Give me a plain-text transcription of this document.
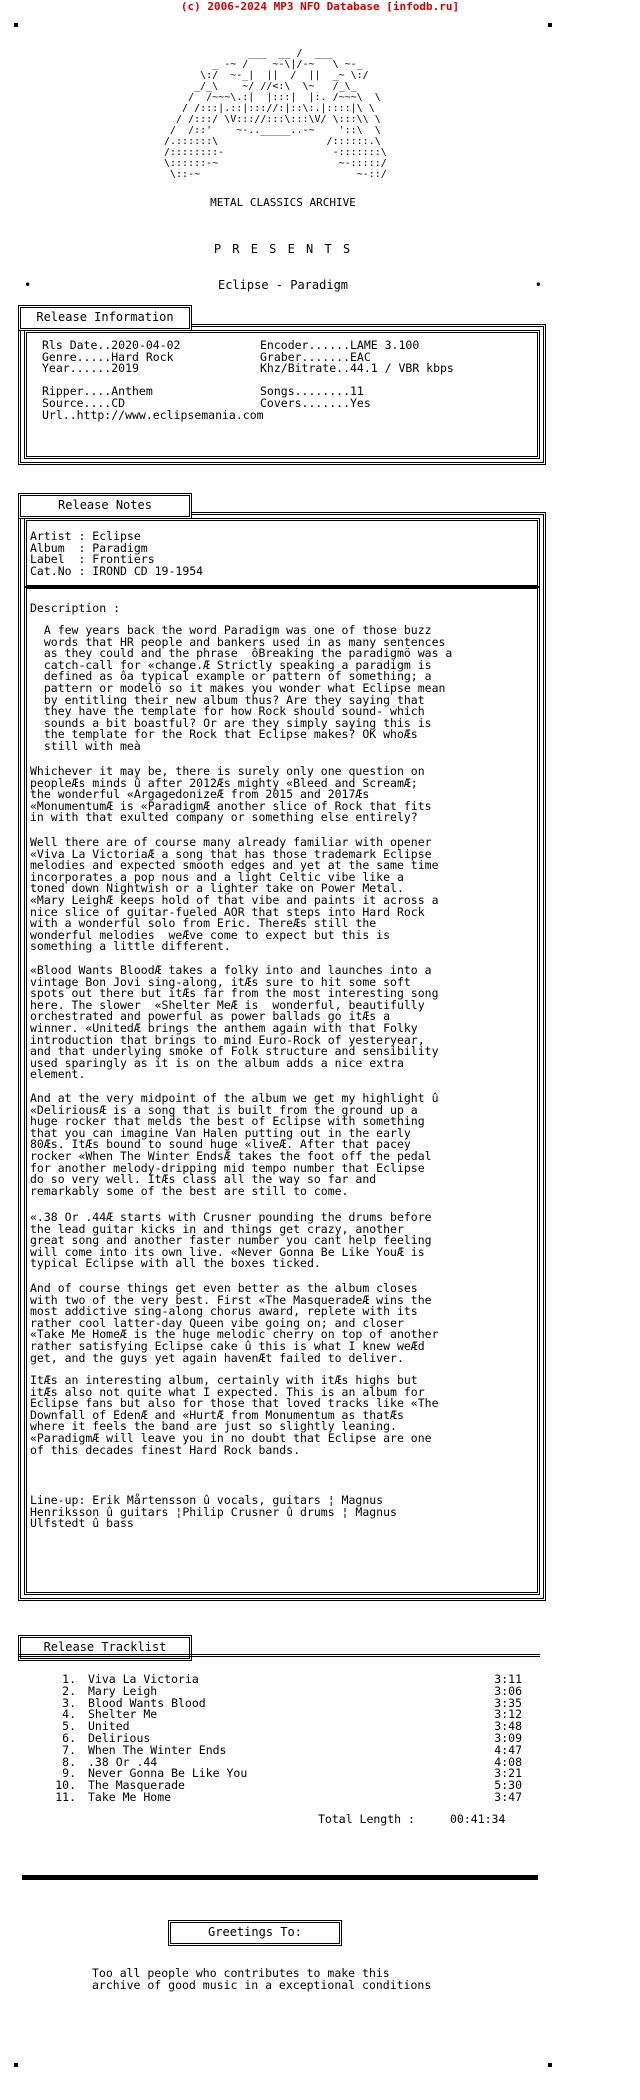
(c) 2006-2024 MP3 NFO Database [infodb.ru]
___  __ /  ___
_ -~ /    ~-\|/-~   \ ~-_
\:/  ~-_|  ||  /  ||  _~ \:/
_/_\    ~/ //<:\  \~   /_\_
/  /~~~\.:|  |:::|  |:. /~~~\  \
/ /:::|.::|::://:|::\:.|::::|\ \
/ /:::/ \V::://:::\:::\V/ \:::\\ \
/  /::'    ~-.._____..-~    '::\  \
/.::::::\                  /::::::.\
/::::::::-                  -:::::::\
\::::::-~                    ~-:::::/
\::-~                          ~-::/
METAL CLASSICS ARCHIVE
P R E S E N T S
•	Eclipse - Paradigm	•
Release Information
Rls Date..2020-04-02
Genre.....Hard Rock
Year......2019

Ripper....Anthem
Source....CD
Url..http://www.eclipsemania.com
Encoder......LAME 3.100
Graber.......EAC
Khz/Bitrate..44.1 / VBR kbps

Songs........11
Covers.......Yes
Release Notes
Artist : Eclipse
Album  : Paradigm
Label  : Frontiers
Cat.No : IROND CD 19-1954
Description :
A few years back the word Paradigm was one of those buzz
words that HR people and bankers used in as many sentences
as they could and the phrase  ôBreaking the paradigmö was a
catch-call for «change.Æ Strictly speaking a paradigm is
defined as ôa typical example or pattern of something; a
pattern or modelö so it makes you wonder what Eclipse mean
by entitling their new album thus? Are they saying that
they have the template for how Rock should sound- which
sounds a bit boastful? Or are they simply saying this is
the template for the Rock that Eclipse makes? OK whoÆs
still with meà
Whichever it may be, there is surely only one question on
peopleÆs minds û after 2012Æs mighty «Bleed and ScreamÆ;
the wonderful «ArgagedonizeÆ from 2015 and 2017Æs
«MonumentumÆ is «ParadigmÆ another slice of Rock that fits
in with that exulted company or something else entirely?
Well there are of course many already familiar with opener
«Viva La VictoriaÆ a song that has those trademark Eclipse
melodies and expected smooth edges and yet at the same time
incorporates a pop nous and a light Celtic vibe like a
toned down Nightwish or a lighter take on Power Metal.
«Mary LeighÆ keeps hold of that vibe and paints it across a
nice slice of guitar-fueled AOR that steps into Hard Rock
with a wonderful solo from Eric. ThereÆs still the
wonderful melodies  weÆve come to expect but this is
something a little different.
«Blood Wants BloodÆ takes a folky into and launches into a
vintage Bon Jovi sing-along, itÆs sure to hit some soft
spots out there but itÆs far from the most interesting song
here. The slower  «Shelter MeÆ is  wonderful, beautifully
orchestrated and powerful as power ballads go itÆs a
winner. «UnitedÆ brings the anthem again with that Folky
introduction that brings to mind Euro-Rock of yesteryear,
and that underlying smoke of Folk structure and sensibility
used sparingly as it is on the album adds a nice extra
element.
And at the very midpoint of the album we get my highlight û
«DeliriousÆ is a song that is built from the ground up a
huge rocker that melds the best of Eclipse with something
that you can imagine Van Halen putting out in the early
80Æs. ItÆs bound to sound huge «liveÆ. After that pacey
rocker «When The Winter EndsÆ takes the foot off the pedal
for another melody-dripping mid tempo number that Eclipse
do so very well. ItÆs class all the way so far and
remarkably some of the best are still to come.
«.38 Or .44Æ starts with Crusner pounding the drums before
the lead guitar kicks in and things get crazy, another
great song and another faster number you cant help feeling
will come into its own live. «Never Gonna Be Like YouÆ is
typical Eclipse with all the boxes ticked.
And of course things get even better as the album closes
with two of the very best. First «The MasqueradeÆ wins the
most addictive sing-along chorus award, replete with its
rather cool latter-day Queen vibe going on; and closer
«Take Me HomeÆ is the huge melodic cherry on top of another
rather satisfying Eclipse cake û this is what I knew weÆd
get, and the guys yet again havenÆt failed to deliver.
ItÆs an interesting album, certainly with itÆs highs but
itÆs also not quite what I expected. This is an album for
Eclipse fans but also for those that loved tracks like «The
Downfall of EdenÆ and «HurtÆ from Monumentum as thatÆs
where it feels the band are just so slightly leaning.
«ParadigmÆ will leave you in no doubt that Eclipse are one
of this decades finest Hard Rock bands.
Line-up: Erik Mårtensson û vocals, guitars ¦ Magnus
Henriksson û guitars ¦Philip Crusner û drums ¦ Magnus
Ulfstedt û bass
Release Tracklist
1. Viva La Victoria	3:11
2. Mary Leigh	3:06
3. Blood Wants Blood	3:35
4. Shelter Me	3:12
5. United	3:48
6. Delirious	3:09
7. When The Winter Ends	4:47
8. .38 Or .44	4:08
9. Never Gonna Be Like You	3:21
10. The Masquerade	5:30
11. Take Me Home	3:47
Total Length :	00:41:34
Greetings To:
Too all people who contributes to make this
archive of good music in a exceptional conditions
